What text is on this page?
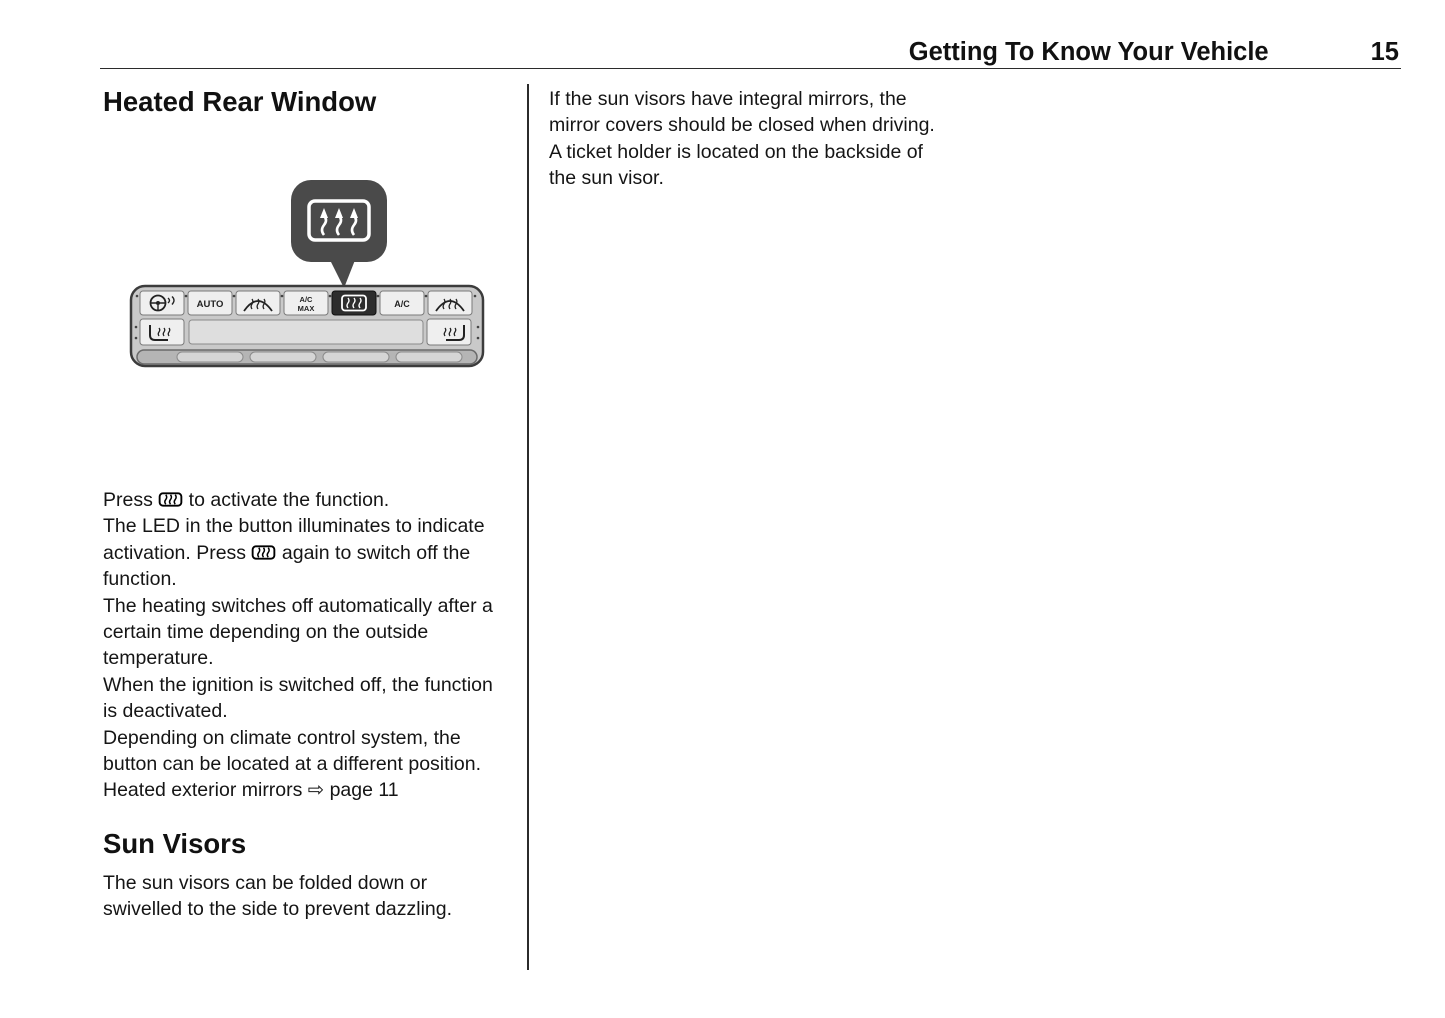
Getting To Know Your Vehicle	15
Heated Rear Window
AUTO	A/C
MAX	A/C

Press  to activate the function.

The LED in the button illuminates to indicate activation. Press  again to switch off the function.

The heating switches off automatically after a certain time depending on the outside temperature.

When the ignition is switched off, the function is deactivated.

Depending on climate control system, the button can be located at a different position.

Heated exterior mirrors ⇨ page 11

Sun Visors

The sun visors can be folded down or swivelled to the side to prevent dazzling.

If the sun visors have integral mirrors, the mirror covers should be closed when driving.

A ticket holder is located on the backside of the sun visor.
